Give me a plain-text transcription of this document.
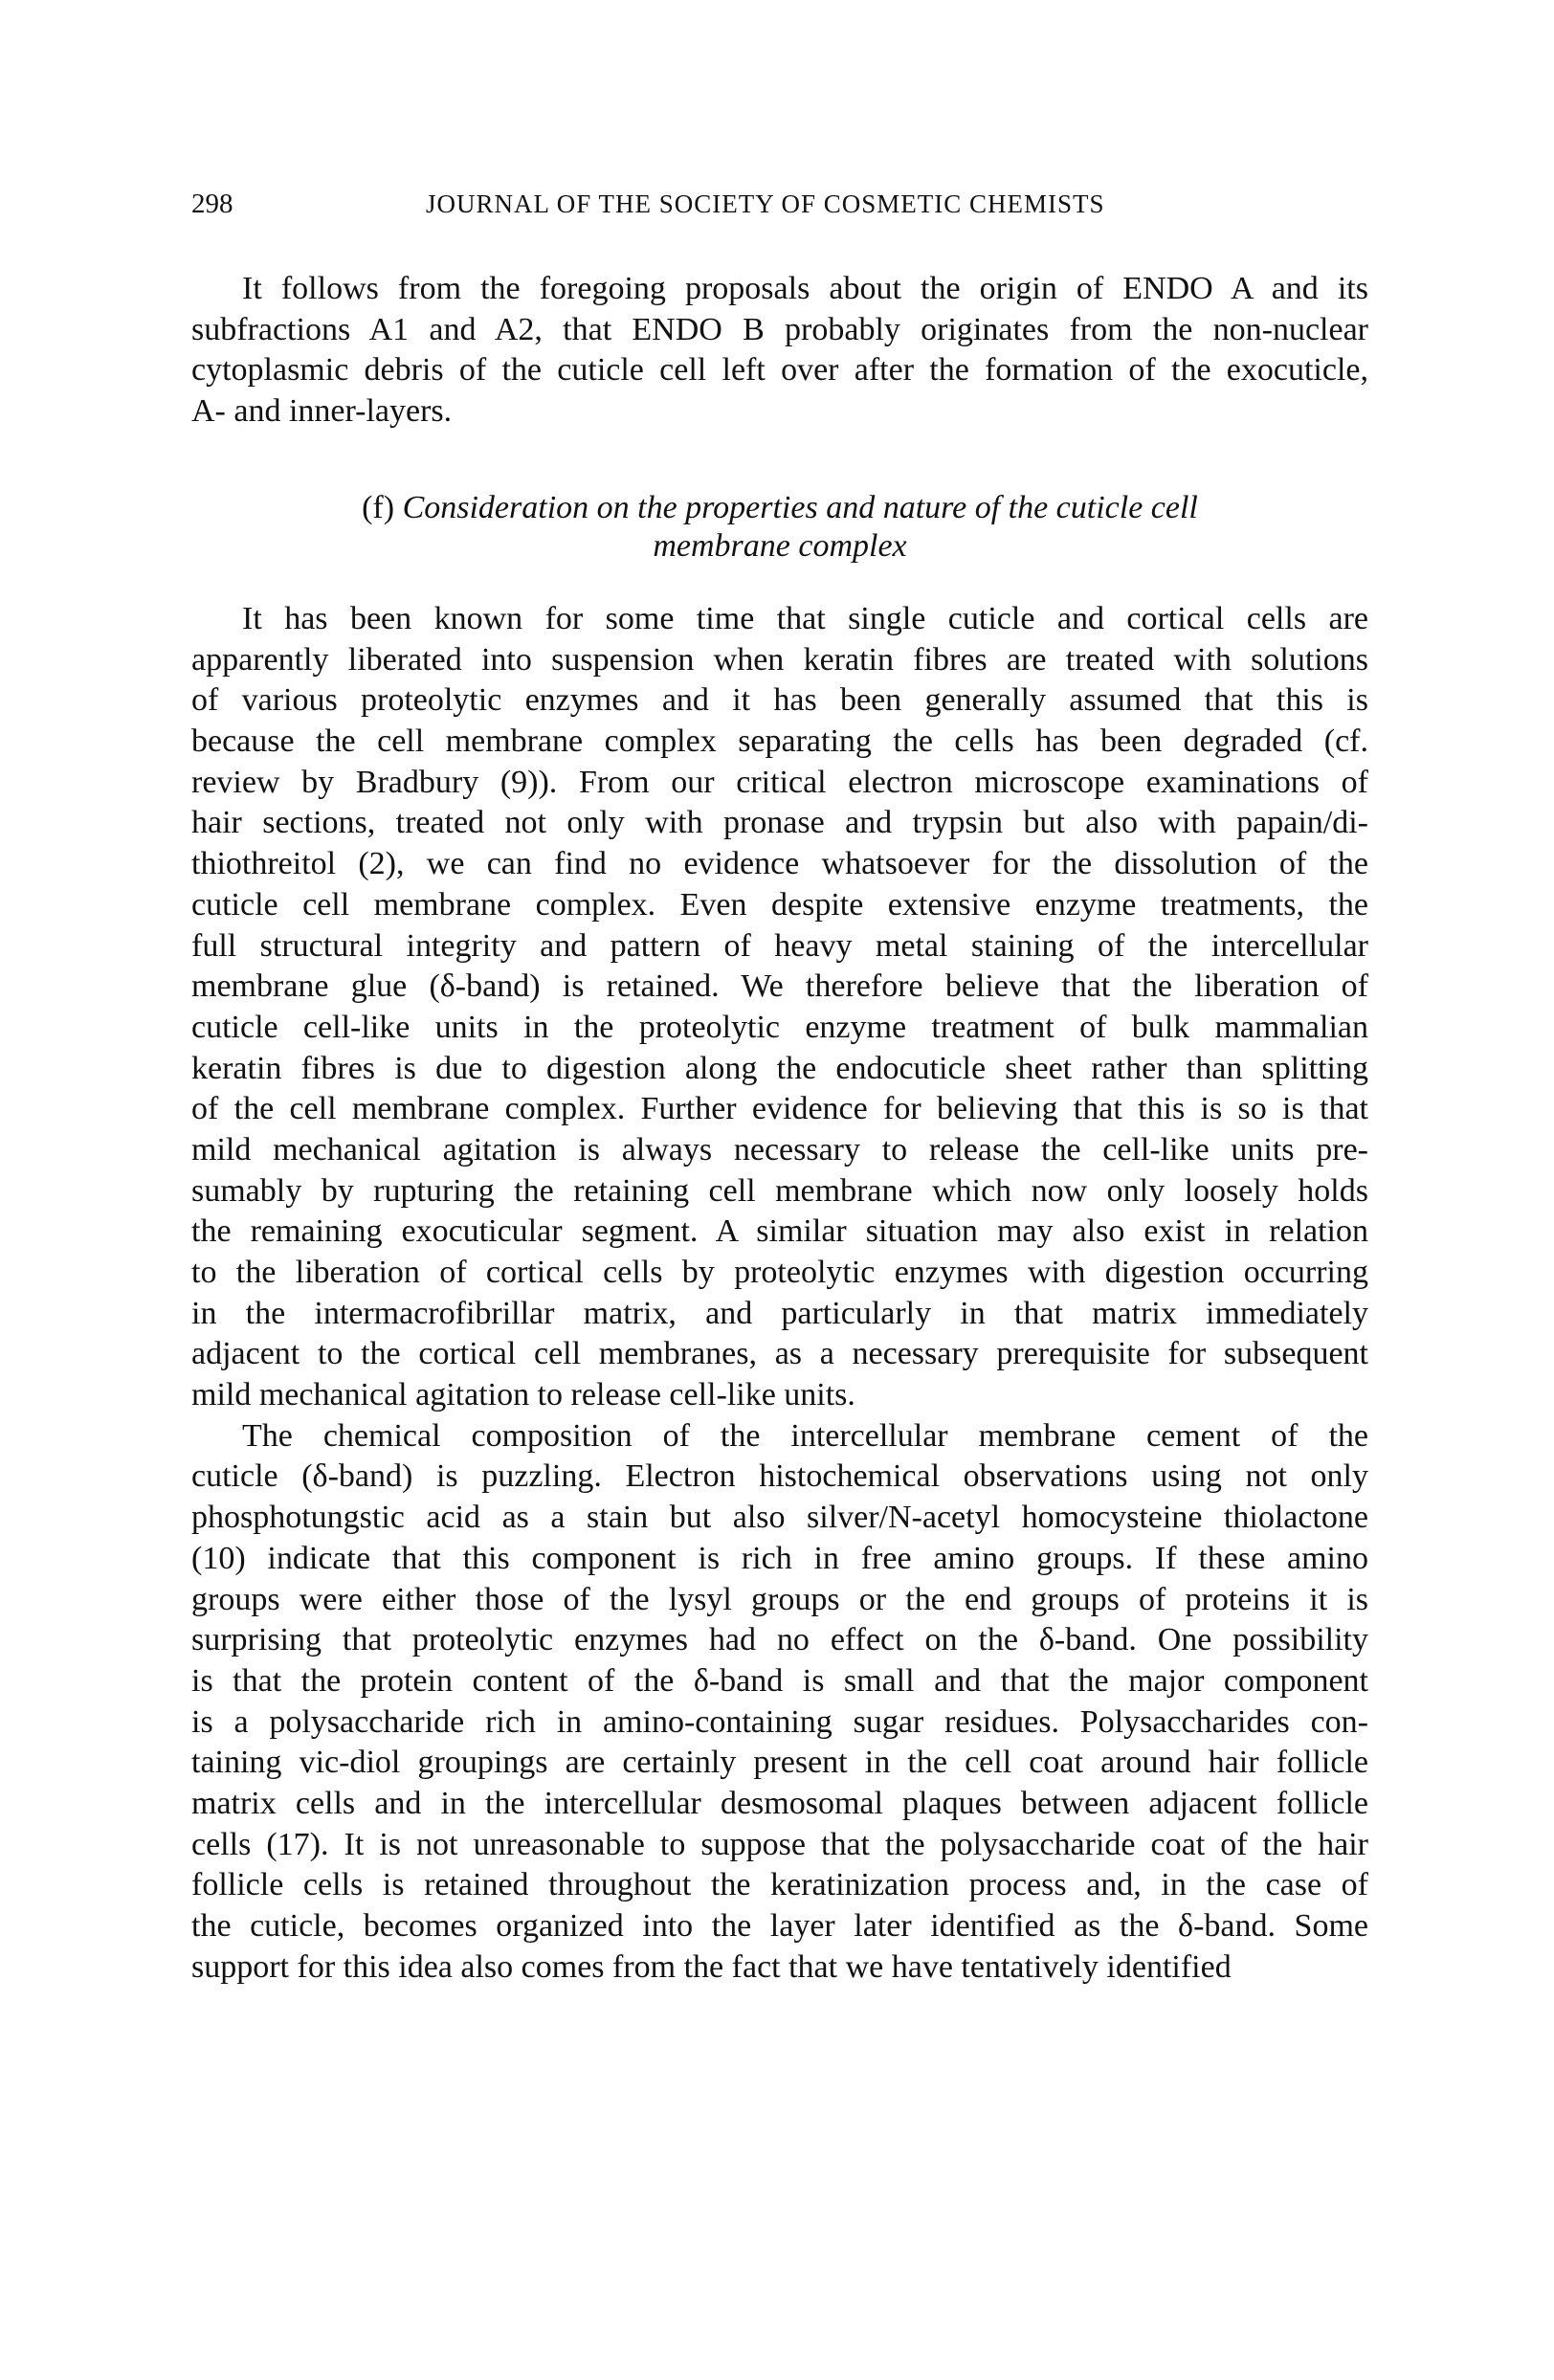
298	JOURNAL OF THE SOCIETY OF COSMETIC CHEMISTS
It follows from the foregoing proposals about the origin of ENDO A and its
subfractions A1 and A2, that ENDO B probably originates from the non-nuclear
cytoplasmic debris of the cuticle cell left over after the formation of the exocuticle,
A- and inner-layers.
(f) Consideration on the properties and nature of the cuticle cell
membrane complex
It has been known for some time that single cuticle and cortical cells are
apparently liberated into suspension when keratin fibres are treated with solutions
of various proteolytic enzymes and it has been generally assumed that this is
because the cell membrane complex separating the cells has been degraded (cf.
review by Bradbury (9)). From our critical electron microscope examinations of
hair sections, treated not only with pronase and trypsin but also with papain/di-
thiothreitol (2), we can find no evidence whatsoever for the dissolution of the
cuticle cell membrane complex. Even despite extensive enzyme treatments, the
full structural integrity and pattern of heavy metal staining of the intercellular
membrane glue (δ-band) is retained. We therefore believe that the liberation of
cuticle cell-like units in the proteolytic enzyme treatment of bulk mammalian
keratin fibres is due to digestion along the endocuticle sheet rather than splitting
of the cell membrane complex. Further evidence for believing that this is so is that
mild mechanical agitation is always necessary to release the cell-like units pre-
sumably by rupturing the retaining cell membrane which now only loosely holds
the remaining exocuticular segment. A similar situation may also exist in relation
to the liberation of cortical cells by proteolytic enzymes with digestion occurring
in the intermacrofibrillar matrix, and particularly in that matrix immediately
adjacent to the cortical cell membranes, as a necessary prerequisite for subsequent
mild mechanical agitation to release cell-like units.
The chemical composition of the intercellular membrane cement of the
cuticle (δ-band) is puzzling. Electron histochemical observations using not only
phosphotungstic acid as a stain but also silver/N-acetyl homocysteine thiolactone
(10) indicate that this component is rich in free amino groups. If these amino
groups were either those of the lysyl groups or the end groups of proteins it is
surprising that proteolytic enzymes had no effect on the δ-band. One possibility
is that the protein content of the δ-band is small and that the major component
is a polysaccharide rich in amino-containing sugar residues. Polysaccharides con-
taining vic-diol groupings are certainly present in the cell coat around hair follicle
matrix cells and in the intercellular desmosomal plaques between adjacent follicle
cells (17). It is not unreasonable to suppose that the polysaccharide coat of the hair
follicle cells is retained throughout the keratinization process and, in the case of
the cuticle, becomes organized into the layer later identified as the δ-band. Some
support for this idea also comes from the fact that we have tentatively identified
